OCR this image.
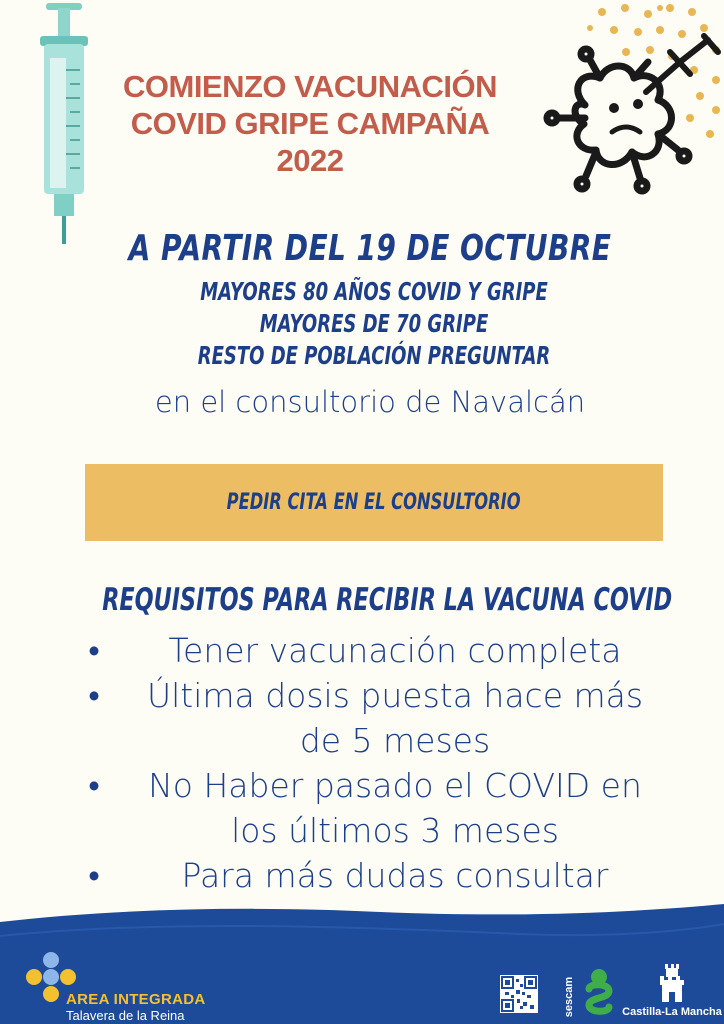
COMIENZO VACUNACIÓN
COVID GRIPE CAMPAÑA
2022
A PARTIR DEL 19 DE OCTUBRE
MAYORES 80 AÑOS COVID Y GRIPE
MAYORES DE 70 GRIPE
RESTO DE POBLACIÓN PREGUNTAR
en el consultorio de Navalcán
PEDIR CITA EN EL CONSULTORIO
REQUISITOS PARA RECIBIR LA VACUNA COVID
•	Tener vacunación completa
•	Última dosis puesta hace más
de 5 meses
•	No Haber pasado el COVID en
los últimos 3 meses
•	Para más dudas consultar
AREA INTEGRADA
Talavera de la Reina	sescam	Castilla-La Mancha
